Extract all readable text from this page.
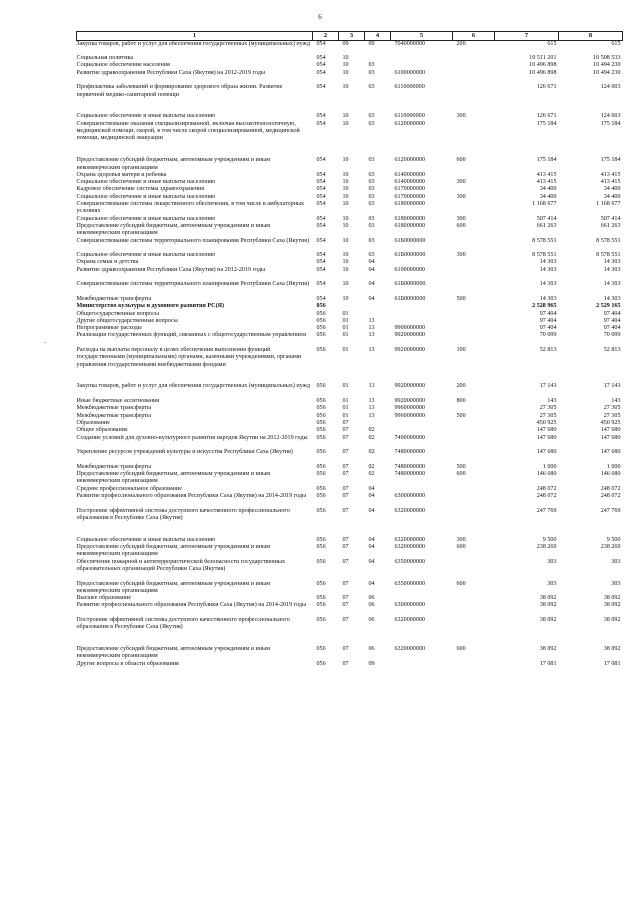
6
·
1	2	3	4	5	6	7	8
Закупка товаров, работ и услуг для обеспечения государственных (муниципальных) нужд	054	09	09	7040000000	200	615	615
Социальная политика	054	10				10 511 201	10 508 533
Социальное обеспечение населения	054	10	03			10 496 898	10 494 230
Развитие здравоохранения Республики Саха (Якутия) на 2012-2019 годы	054	10	03	6100000000		10 496 898	10 494 230
Профилактика заболеваний и формирование здорового образа жизни. Развитие первичной медико-санитарной помощи	054	10	03	6110000000		126 671	124 003
Социальное обеспечение и иные выплаты населению	054	10	03	6110000000	300	126 671	124 003
Совершенствование оказания специализированной, включая высокотехнологичную, медицинской помощи, скорой, в том числе скорой специализированной, медицинской помощи, медицинской эвакуации	054	10	03	6120000000		175 184	175 184
Предоставление субсидий бюджетным, автономным учреждениям и иным некоммерческим организациям	054	10	03	6120000000	600	175 184	175 184
Охрана здоровья матери и ребенка	054	10	03	6140000000		413 415	413 415
Социальное обеспечение и иные выплаты населению	054	10	03	6140000000	300	413 415	413 415
Кадровое обеспечение системы здравоохранения	054	10	03	6170000000		34 400	34 400
Социальное обеспечение и иные выплаты населению	054	10	03	6170000000	300	34 400	34 400
Совершенствование системы лекарственного обеспечения, в том числе в амбулаторных условиях	054	10	03	6180000000		1 168 677	1 168 677
Социальное обеспечение и иные выплаты населению	054	10	03	6180000000	300	507 414	507 414
Предоставление субсидий бюджетным, автономным учреждениям и иным некоммерческим организациям	054	10	03	6180000000	600	661 263	661 263
Совершенствование системы территориального планирования Республики Саха (Якутия)	054	10	03	61Б0000000		8 578 551	8 578 551
Социальное обеспечение и иные выплаты населению	054	10	03	61Б0000000	300	8 578 551	8 578 551
Охрана семьи и детства	054	10	04			14 303	14 303
Развитие здравоохранения Республики Саха (Якутия) на 2012-2019 годы	054	10	04	6100000000		14 303	14 303
Совершенствование системы территориального планирования Республики Саха (Якутия)	054	10	04	61Б0000000		14 303	14 303
Межбюджетные трансферты	054	10	04	61Б0000000	500	14 303	14 303
Министерство культуры и духовного развития РС(Я)	056					2 528 965	2 529 165
Общегосударственные вопросы	056	01				97 404	97 404
Другие общегосударственные вопросы	056	01	13			97 404	97 404
Непрограммные расходы	056	01	13	9900000000		97 404	97 404
Реализация государственных функций, связанных с общегосударственным управлением	056	01	13	9920000000		70 099	70 099
Расходы на выплаты персоналу в целях обеспечения выполнения функций государственными (муниципальными) органами, казенными учреждениями, органами управления государственными внебюджетными фондами	056	01	13	9920000000	100	52 813	52 813
Закупка товаров, работ и услуг для обеспечения государственных (муниципальных) нужд	056	01	13	9920000000	200	17 143	17 143
Иные бюджетные ассигнования	056	01	13	9920000000	800	143	143
Межбюджетные трансферты	056	01	13	9960000000		27 305	27 305
Межбюджетные трансферты	056	01	13	9960000000	500	27 305	27 305
Образование	056	07				450 925	450 925
Общее образование	056	07	02			147 680	147 680
Создание условий для духовно-культурного развития народов Якутии на 2012-2019 годы	056	07	02	7400000000		147 680	147 680
Укрепление ресурсов учреждений культуры и искусства Республики Саха (Якутия)	056	07	02	7480000000		147 680	147 680
Межбюджетные трансферты	056	07	02	7480000000	500	1 000	1 000
Предоставление субсидий бюджетным, автономным учреждениям и иным некоммерческим организациям	056	07	02	7480000000	600	146 680	146 680
Среднее профессиональное образование	056	07	04			248 072	248 072
Развитие профессионального образования Республики Саха (Якутия) на 2014-2019 годы	056	07	04	6300000000		248 072	248 072
Построение эффективной системы доступного качественного профессионального образования в Республике Саха (Якутия)	056	07	04	6320000000		247 769	247 769
Социальное обеспечение и иные выплаты населению	056	07	04	6320000000	300	9 500	9 500
Предоставление субсидий бюджетным, автономным учреждениям и иным некоммерческим организациям	056	07	04	6320000000	600	238 269	238 269
Обеспечение пожарной и антитеррористической безопасности государственных образовательных организаций Республики Саха (Якутия)	056	07	04	6350000000		303	303
Предоставление субсидий бюджетным, автономным учреждениям и иным некоммерческим организациям	056	07	04	6350000000	600	303	303
Высшее образование	056	07	06			38 092	38 092
Развитие профессионального образования Республики Саха (Якутия) на 2014-2019 годы	056	07	06	6300000000		38 092	38 092
Построение эффективной системы доступного качественного профессионального образования в Республике Саха (Якутия)	056	07	06	6320000000		38 092	38 092
Предоставление субсидий бюджетным, автономным учреждениям и иным некоммерческим организациям	056	07	06	6320000000	600	38 092	38 092
Другие вопросы в области образования	056	07	09			17 081	17 081
